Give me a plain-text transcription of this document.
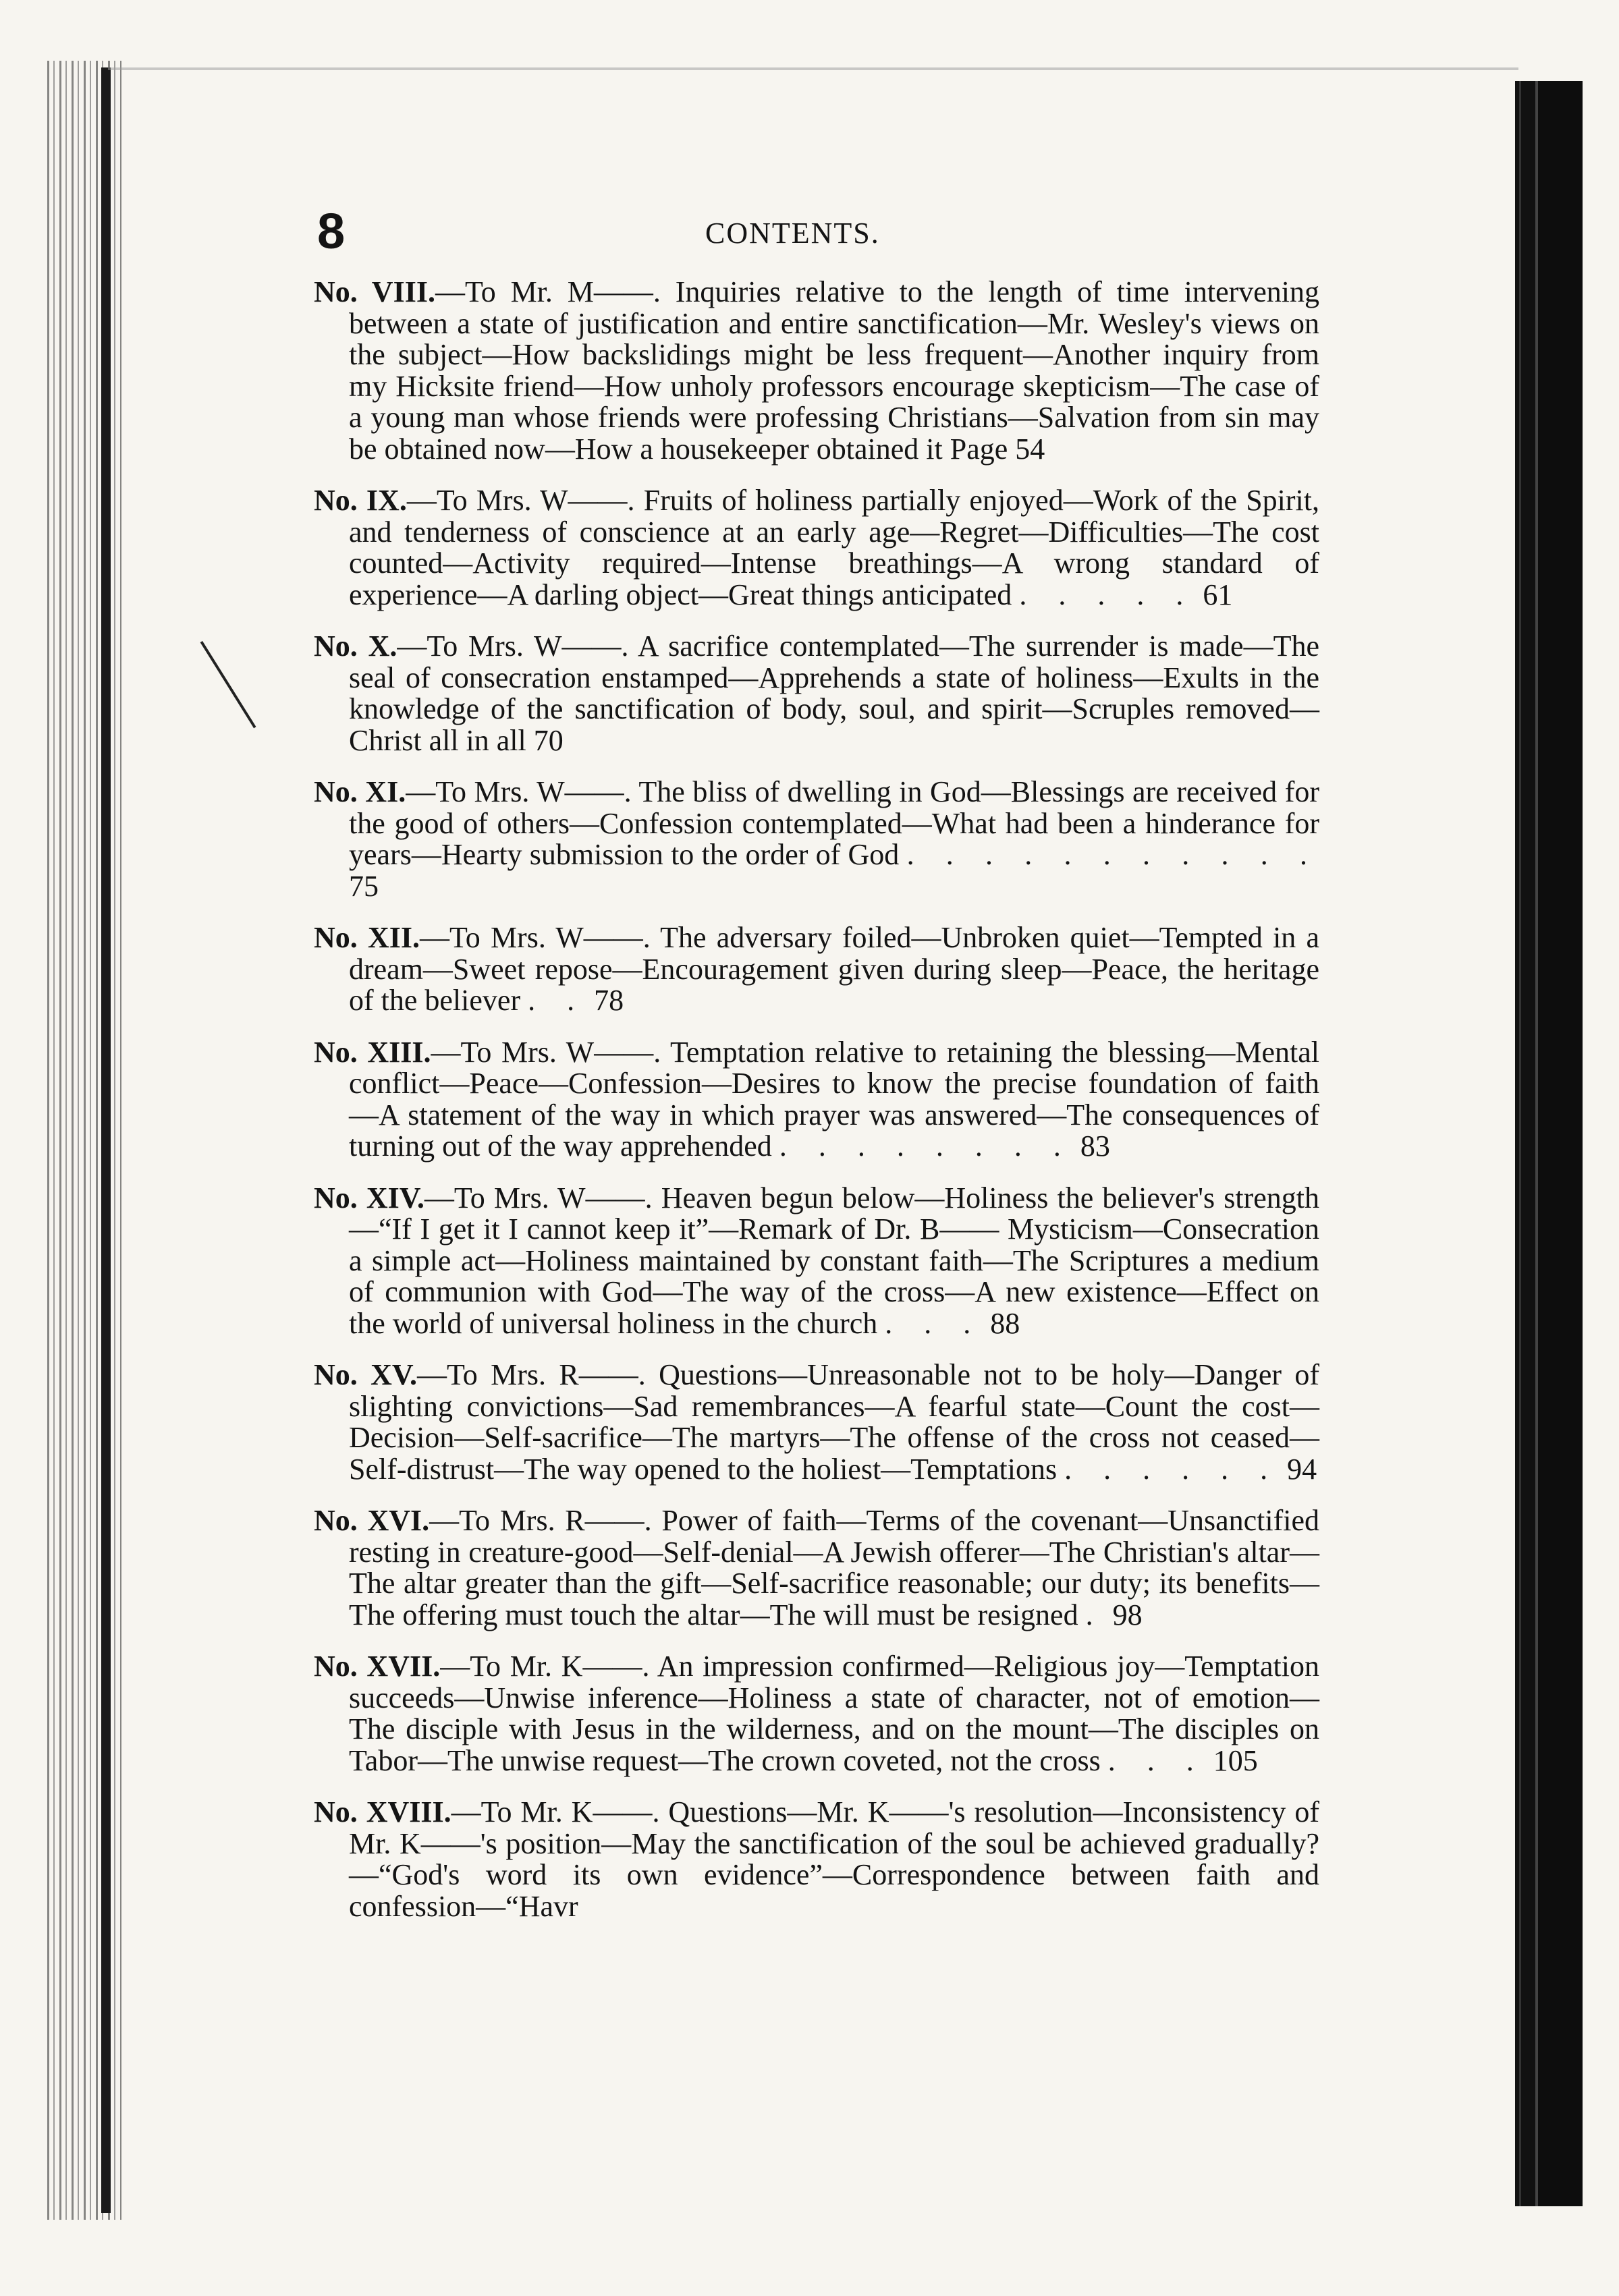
8	CONTENTS.
No. VIII.—To Mr. M——. Inquiries relative to the length of time intervening between a state of justification and entire sanctification—Mr. Wesley's views on the subject—How backslidings might be less frequent—Another inquiry from my Hicksite friend—How unholy professors encourage skepticism—The case of a young man whose friends were professing Christians—Salvation from sin may be obtained now—How a housekeeper obtained it Page 54
No. IX.—To Mrs. W——. Fruits of holiness partially enjoyed—Work of the Spirit, and tenderness of conscience at an early age—Regret—Difficulties—The cost counted—Activity required—Intense breathings—A wrong standard of experience—A darling object—Great things anticipated . . . . . 61
No. X.—To Mrs. W——. A sacrifice contemplated—The surrender is made—The seal of consecration enstamped—Apprehends a state of holiness—Exults in the knowledge of the sanctification of body, soul, and spirit—Scruples removed—Christ all in all 70
No. XI.—To Mrs. W——. The bliss of dwelling in God—Blessings are received for the good of others—Confession contemplated—What had been a hinderance for years—Hearty submission to the order of God . . . . . . . . . . . 75
No. XII.—To Mrs. W——. The adversary foiled—Unbroken quiet—Tempted in a dream—Sweet repose—Encouragement given during sleep—Peace, the heritage of the believer . . 78
No. XIII.—To Mrs. W——. Temptation relative to retaining the blessing—Mental conflict—Peace—Confession—Desires to know the precise foundation of faith—A statement of the way in which prayer was answered—The consequences of turning out of the way apprehended . . . . . . . . 83
No. XIV.—To Mrs. W——. Heaven begun below—Holiness the believer's strength—“If I get it I cannot keep it”—Remark of Dr. B—— Mysticism—Consecration a simple act—Holiness maintained by constant faith—The Scriptures a medium of communion with God—The way of the cross—A new existence—Effect on the world of universal holiness in the church . . . 88
No. XV.—To Mrs. R——. Questions—Unreasonable not to be holy—Danger of slighting convictions—Sad remembrances—A fearful state—Count the cost—Decision—Self-sacrifice—The martyrs—The offense of the cross not ceased—Self-distrust—The way opened to the holiest—Temptations . . . . . . 94
No. XVI.—To Mrs. R——. Power of faith—Terms of the covenant—Unsanctified resting in creature-good—Self-denial—A Jewish offerer—The Christian's altar—The altar greater than the gift—Self-sacrifice reasonable; our duty; its benefits—The offering must touch the altar—The will must be resigned . 98
No. XVII.—To Mr. K——. An impression confirmed—Religious joy—Temptation succeeds—Unwise inference—Holiness a state of character, not of emotion—The disciple with Jesus in the wilderness, and on the mount—The disciples on Tabor—The unwise request—The crown coveted, not the cross . . . 105
No. XVIII.—To Mr. K——. Questions—Mr. K——'s resolution—Inconsistency of Mr. K——'s position—May the sanctification of the soul be achieved gradually?—“God's word its own evidence”—Correspondence between faith and confession—“Havr
